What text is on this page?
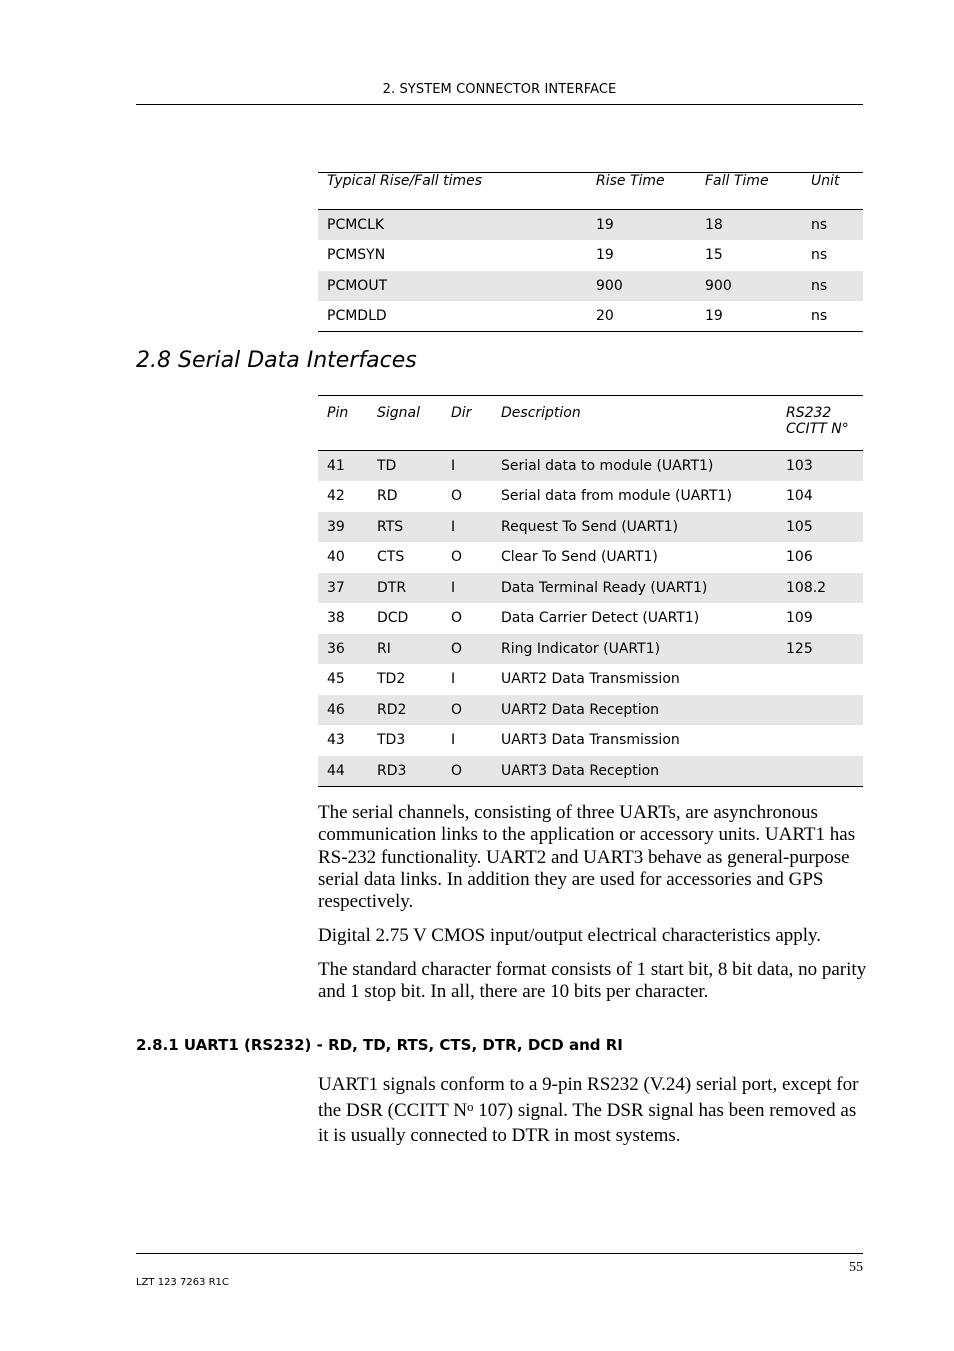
2. SYSTEM CONNECTOR INTERFACE
Typical Rise/Fall times	Rise Time	Fall Time	Unit
PCMCLK	19	18	ns
PCMSYN	19	15	ns
PCMOUT	900	900	ns
PCMDLD	20	19	ns
2.8 Serial Data Interfaces
Pin	Signal	Dir	Description	RS232
CCITT N°
41	TD	I	Serial data to module (UART1)	103
42	RD	O	Serial data from module (UART1)	104
39	RTS	I	Request To Send (UART1)	105
40	CTS	O	Clear To Send (UART1)	106
37	DTR	I	Data Terminal Ready (UART1)	108.2
38	DCD	O	Data Carrier Detect (UART1)	109
36	RI	O	Ring Indicator (UART1)	125
45	TD2	I	UART2 Data Transmission	
46	RD2	O	UART2 Data Reception	
43	TD3	I	UART3 Data Transmission	
44	RD3	O	UART3 Data Reception	

The serial channels, consisting of three UARTs, are asynchronous communication links to the application or accessory units. UART1 has RS-232 functionality. UART2 and UART3 behave as general-purpose serial data links. In addition they are used for accessories and GPS respectively.

Digital 2.75 V CMOS input/output electrical characteristics apply.

The standard character format consists of 1 start bit, 8 bit data, no parity and 1 stop bit. In all, there are 10 bits per character.

2.8.1 UART1 (RS232) - RD, TD, RTS, CTS, DTR, DCD and RI

UART1 signals conform to a 9-pin RS232 (V.24) serial port, except for the DSR (CCITT $N^o$ 107) signal. The DSR signal has been removed as it is usually connected to DTR in most systems.

55
LZT 123 7263 R1C
